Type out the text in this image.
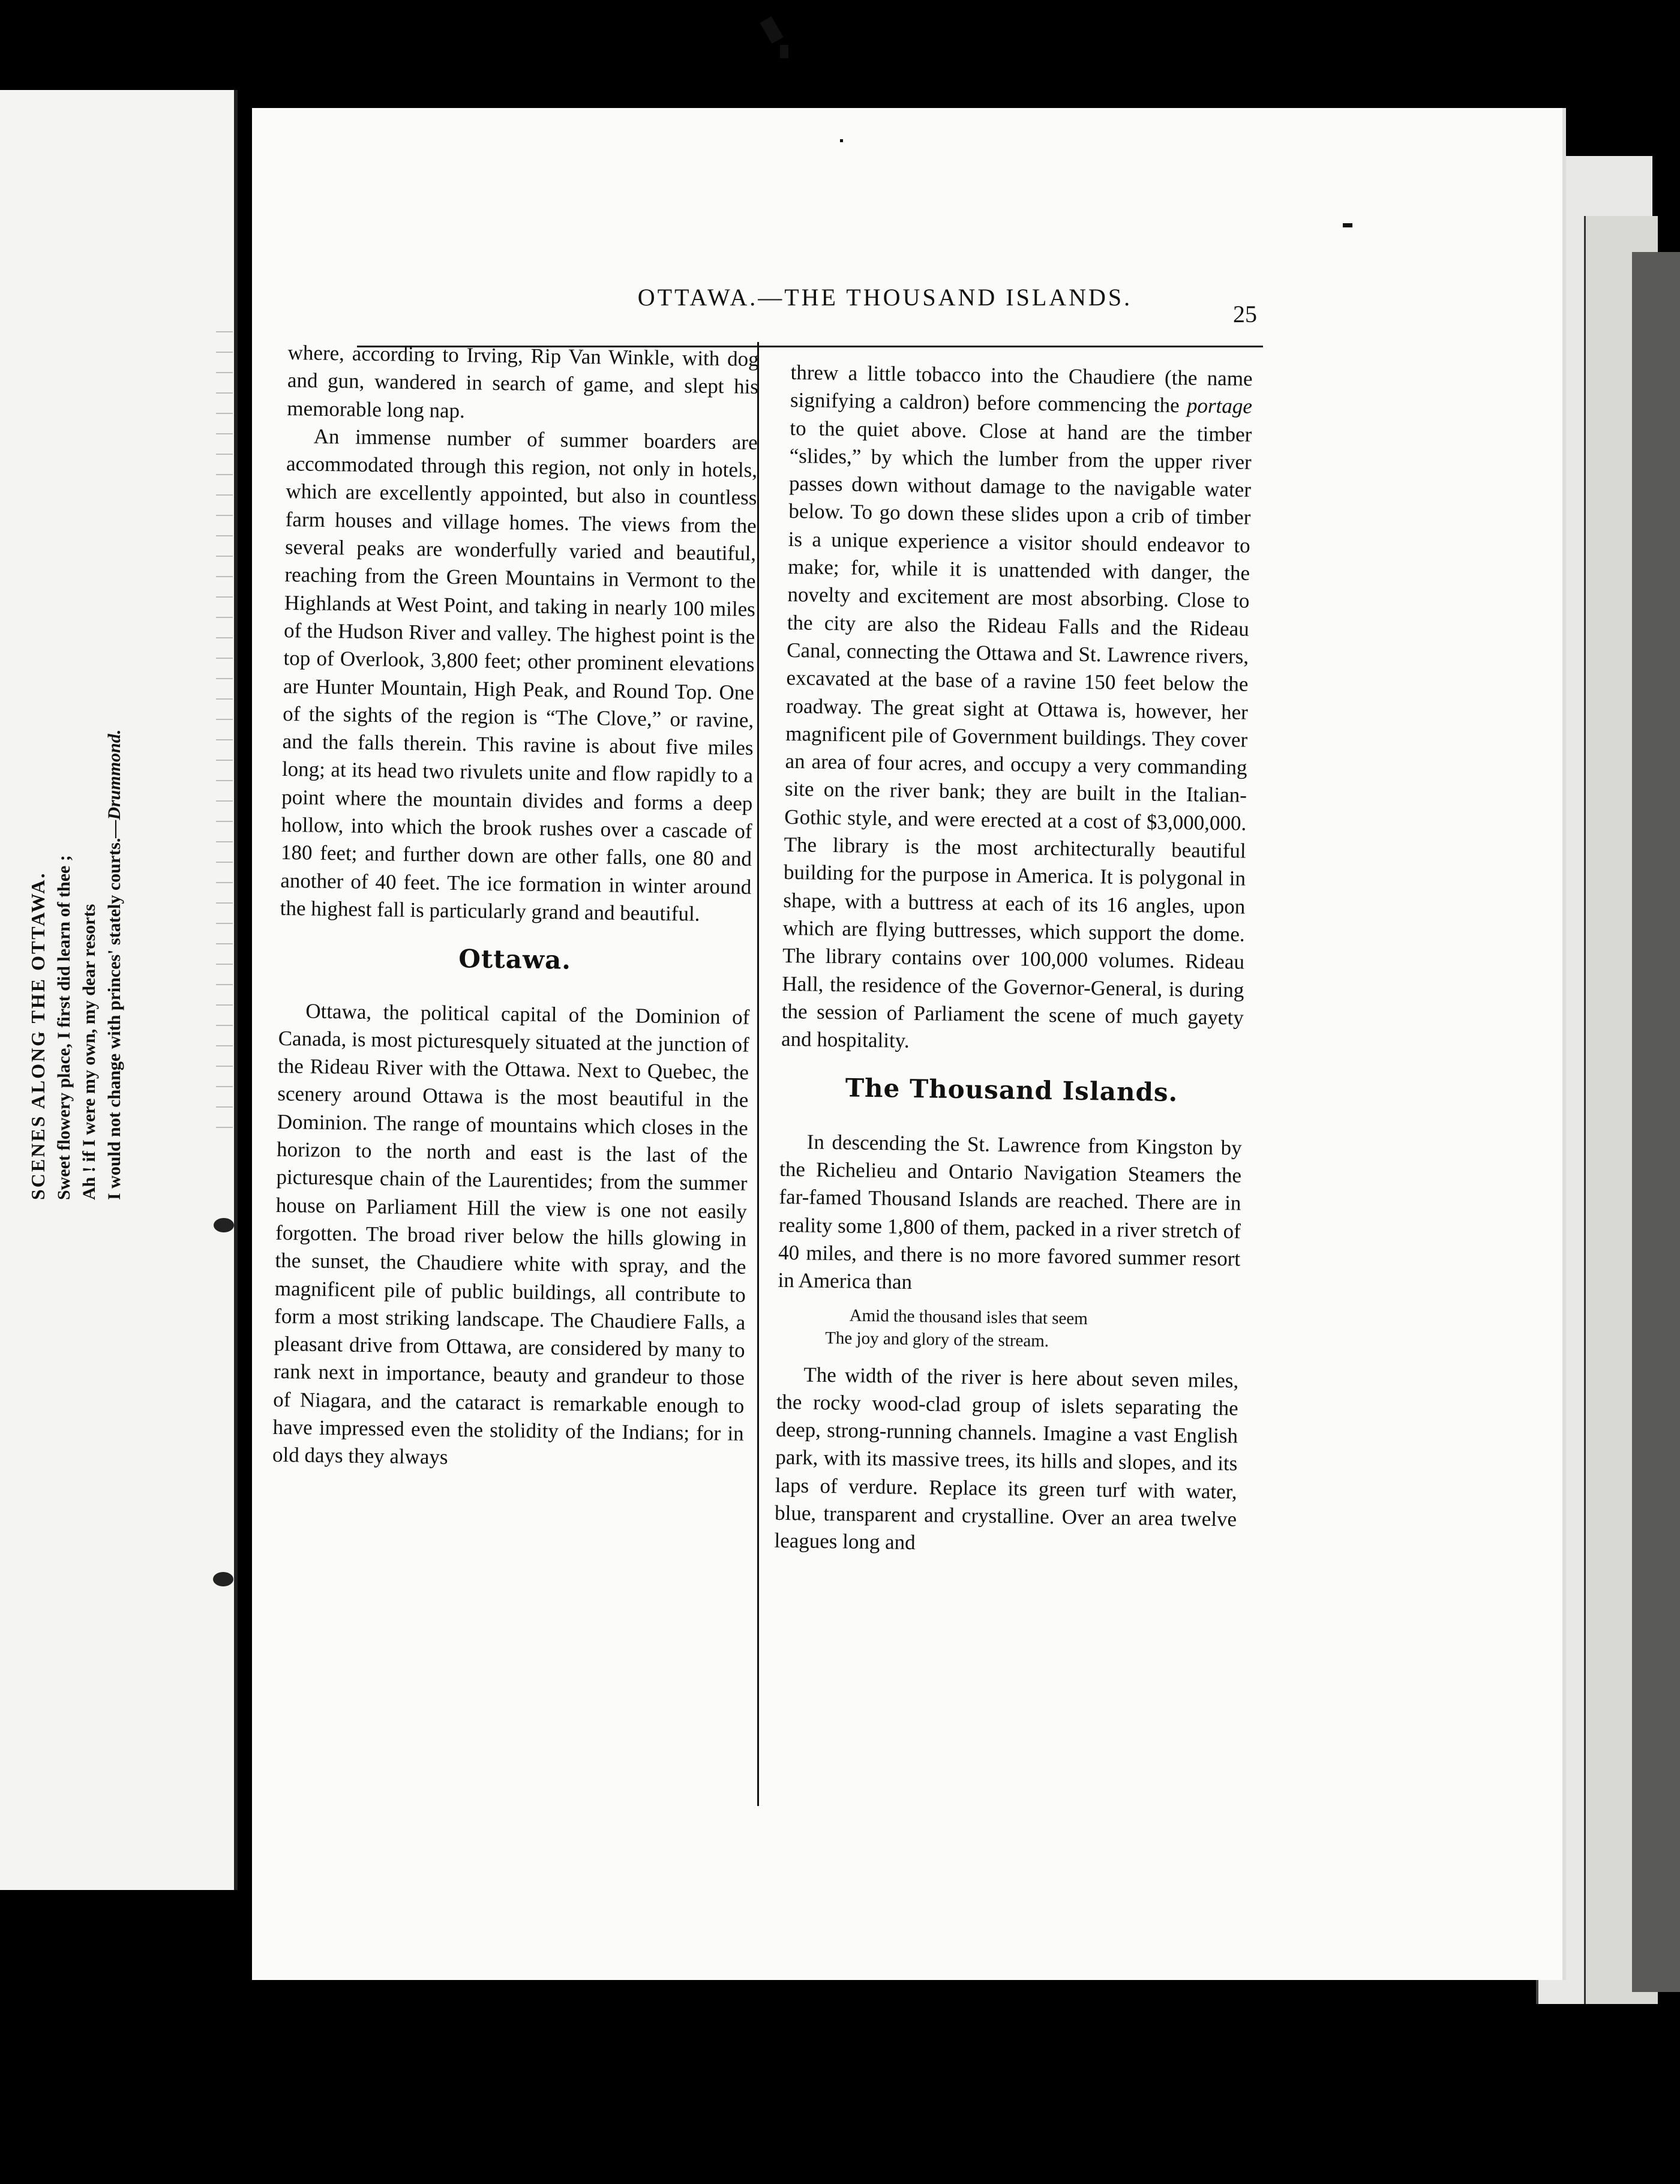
SCENES ALONG THE OTTAWA. Sweet flowery place, I first did learn of thee ; Ah ! if I were my own, my dear resorts I would not change with princes' stately courts.—Drummond.
OTTAWA.—THE THOUSAND ISLANDS.
25

where, according to Irving, Rip Van Winkle, with dog and gun, wandered in search of game, and slept his memorable long nap.

An immense number of summer boarders are accommodated through this region, not only in hotels, which are excellently appointed, but also in countless farm houses and village homes. The views from the several peaks are wonderfully varied and beautiful, reaching from the Green Mountains in Vermont to the Highlands at West Point, and taking in nearly 100 miles of the Hudson River and valley. The highest point is the top of Overlook, 3,800 feet; other prominent elevations are Hunter Mountain, High Peak, and Round Top. One of the sights of the region is “The Clove,” or ravine, and the falls therein. This ravine is about five miles long; at its head two rivulets unite and flow rapidly to a point where the mountain divides and forms a deep hollow, into which the brook rushes over a cascade of 180 feet; and further down are other falls, one 80 and another of 40 feet. The ice formation in winter around the highest fall is particularly grand and beautiful.

Ottawa.

Ottawa, the political capital of the Dominion of Canada, is most picturesquely situated at the junction of the Rideau River with the Ottawa. Next to Quebec, the scenery around Ottawa is the most beautiful in the Dominion. The range of mountains which closes in the horizon to the north and east is the last of the picturesque chain of the Laurentides; from the summer house on Parliament Hill the view is one not easily forgotten. The broad river below the hills glowing in the sunset, the Chaudiere white with spray, and the magnificent pile of public buildings, all contribute to form a most striking landscape. The Chaudiere Falls, a pleasant drive from Ottawa, are considered by many to rank next in importance, beauty and grandeur to those of Niagara, and the cataract is remarkable enough to have impressed even the stolidity of the Indians; for in old days they always

threw a little tobacco into the Chaudiere (the name signifying a caldron) before commencing the portage to the quiet above. Close at hand are the timber “slides,” by which the lumber from the upper river passes down without damage to the navigable water below. To go down these slides upon a crib of timber is a unique experience a visitor should endeavor to make; for, while it is unattended with danger, the novelty and excitement are most absorbing. Close to the city are also the Rideau Falls and the Rideau Canal, connecting the Ottawa and St. Lawrence rivers, excavated at the base of a ravine 150 feet below the roadway. The great sight at Ottawa is, however, her magnificent pile of Government buildings. They cover an area of four acres, and occupy a very commanding site on the river bank; they are built in the Italian-Gothic style, and were erected at a cost of $3,000,000. The library is the most architecturally beautiful building for the purpose in America. It is polygonal in shape, with a buttress at each of its 16 angles, upon which are flying buttresses, which support the dome. The library contains over 100,000 volumes. Rideau Hall, the residence of the Governor-General, is during the session of Parliament the scene of much gayety and hospitality.

The Thousand Islands.

In descending the St. Lawrence from Kingston by the Richelieu and Ontario Navigation Steamers the far-famed Thousand Islands are reached. There are in reality some 1,800 of them, packed in a river stretch of 40 miles, and there is no more favored summer resort in America than

Amid the thousand isles that seem
The joy and glory of the stream.

The width of the river is here about seven miles, the rocky wood-clad group of islets separating the deep, strong-running channels. Imagine a vast English park, with its massive trees, its hills and slopes, and its laps of verdure. Replace its green turf with water, blue, transparent and crystalline. Over an area twelve leagues long and
